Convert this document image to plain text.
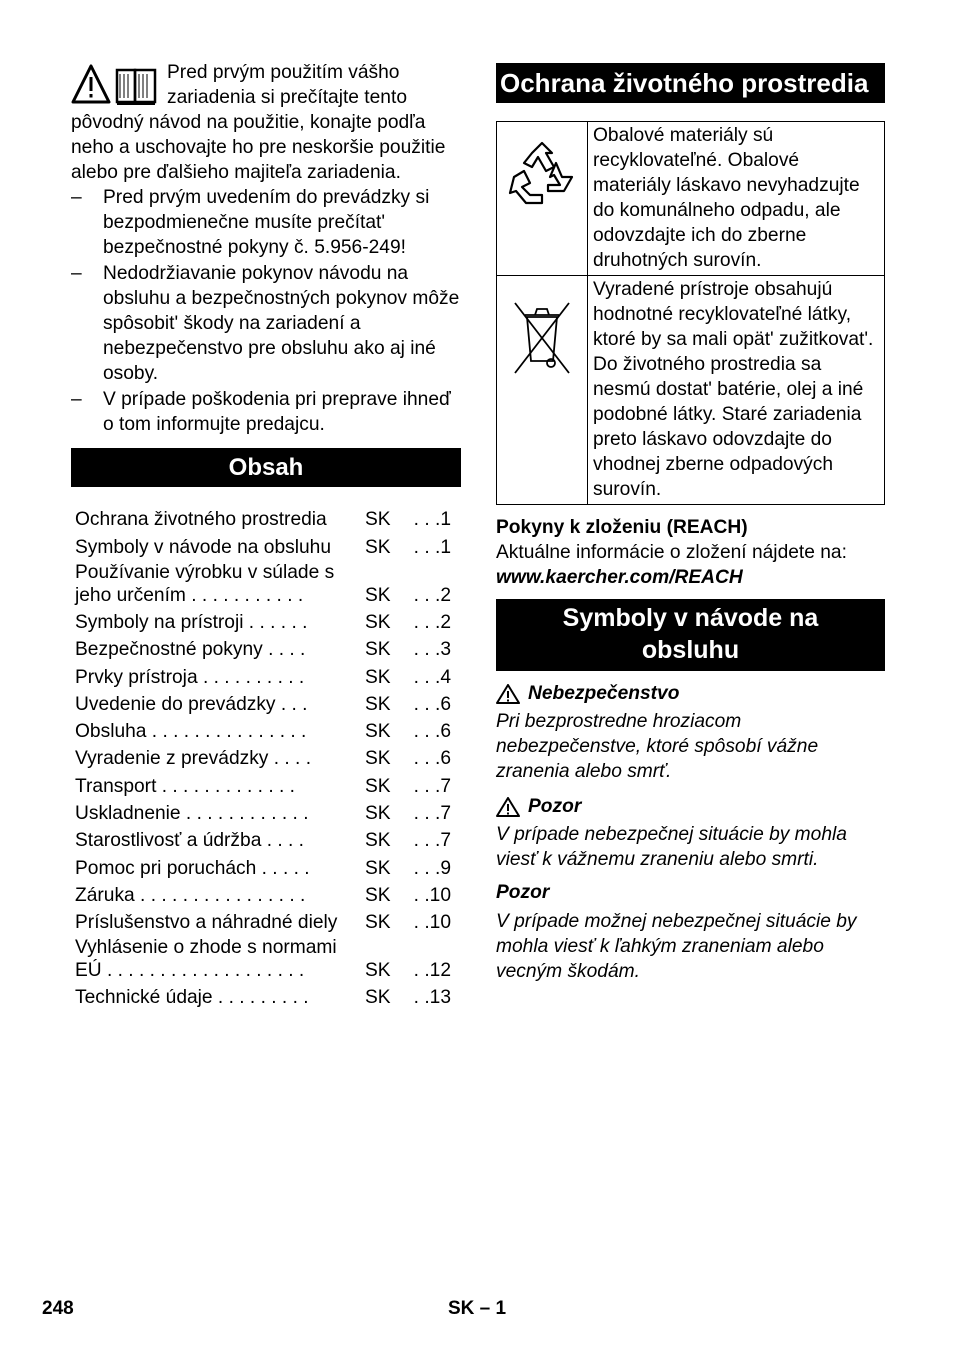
Pred prvým použitím vášho zariadenia si prečítajte tento pôvodný návod na použitie, konajte podľa neho a uschovajte ho pre neskoršie použitie alebo pre ďalšieho majiteľa zariadenia.

– Pred prvým uvedením do prevádzky si bezpodmienečne musíte prečítat' bezpečnostné pokyny č. 5.956-249!
– Nedodržiavanie pokynov návodu na obsluhu a bezpečnostných pokynov môže spôsobit' škody na zariadení a nebezpečenstvo pre obsluhu ako aj iné osoby.
– V prípade poškodenia pri preprave ihneď o tom informujte predajcu.
Obsah
Ochrana životného prostredia	SK	. . .1

Symboly v návode na obsluhu	SK	. . .1

Používanie výrobku v súlade s
jeho určením . . . . . . . . . . .	SK	. . .2

Symboly na prístroji . . . . . .	SK	. . .2

Bezpečnostné pokyny . . . .	SK	. . .3

Prvky prístroja . . . . . . . . . .	SK	. . .4

Uvedenie do prevádzky . . .	SK	. . .6

Obsluha . . . . . . . . . . . . . . .	SK	. . .6

Vyradenie z prevádzky . . . .	SK	. . .6

Transport . . . . . . . . . . . . .	SK	. . .7

Uskladnenie . . . . . . . . . . . .	SK	. . .7

Starostlivosť a údržba . . . .	SK	. . .7

Pomoc pri poruchách . . . . .	SK	. . .9

Záruka . . . . . . . . . . . . . . . .	SK	. .10

Príslušenstvo a náhradné diely	SK	. .10

Vyhlásenie o zhode s normami
EÚ . . . . . . . . . . . . . . . . . . .	SK	. .12

Technické údaje . . . . . . . . .	SK	. .13
Ochrana životného prostredia
	Obalové materiály sú recyklovateľné. Obalové materiály láskavo nevyhadzujte do komunálneho odpadu, ale odovzdajte ich do zberne druhotných surovín.
	Vyradené prístroje obsahujú hodnotné recyklovateľné látky, ktoré by sa mali opät' zužitkovat'. Do životného prostredia sa nesmú dostat' batérie, olej a iné podobné látky. Staré zariadenia preto láskavo odovzdajte do vhodnej zberne odpadových surovín.

Pokyny k zloženiu (REACH)

Aktuálne informácie o zložení nájdete na:

www.kaercher.com/REACH

Symboly v návode na
obsluhu
Nebezpečenstvo

Pri bezprostredne hroziacom nebezpečenstve, ktoré spôsobí vážne zranenia alebo smrť.

Pozor

V prípade nebezpečnej situácie by mohla viesť k vážnemu zraneniu alebo smrti.

Pozor

V prípade možnej nebezpečnej situácie by mohla viesť k ľahkým zraneniam alebo vecným škodám.

248	SK – 1
